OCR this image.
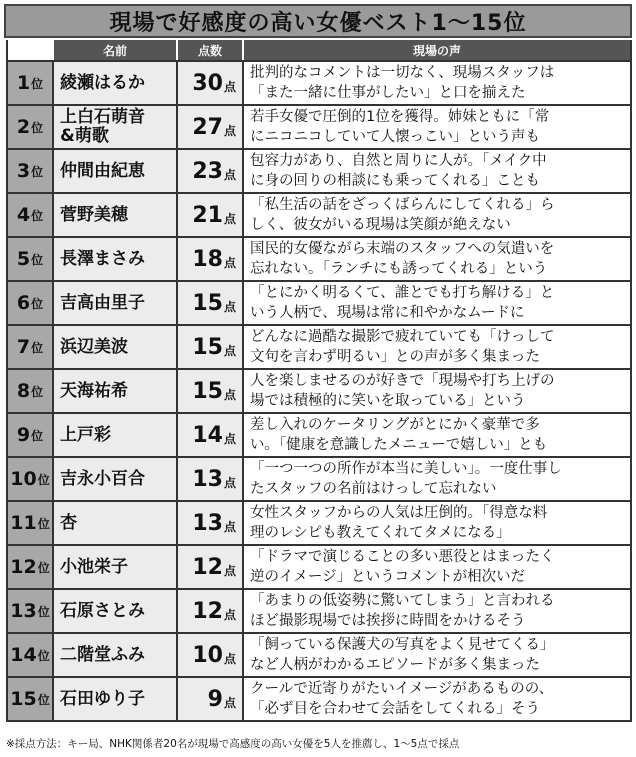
現場で好感度の高い女優ベスト1〜15位
名前	点数	現場の声
1 位 綾瀬はるか 30 点
批判的なコメントは一切なく、現場スタッフは
「また一緒に仕事がしたい」と口を揃えた
2 位
上白石萌音
&萌歌	27 点
若手女優で圧倒的1位を獲得。姉妹ともに「常
にニコニコしていて人懐っこい」という声も
3 位 仲間由紀恵 23 点
包容力があり、自然と周りに人が。「メイク中
に身の回りの相談にも乗ってくれる」ことも
4 位 菅野美穂	21 点
「私生活の話をざっくばらんにしてくれる」ら
しく、彼女がいる現場は笑顔が絶えない
5 位 長澤まさみ 18 点
国民的女優ながら末端のスタッフへの気遣いを
忘れない。「ランチにも誘ってくれる」という
6 位 吉高由里子 15 点
「とにかく明るくて、誰とでも打ち解ける」と
いう人柄で、現場は常に和やかなムードに
7 位 浜辺美波	15 点
どんなに過酷な撮影で疲れていても「けっして
文句を言わず明るい」との声が多く集まった
8 位 天海祐希	15 点
人を楽しませるのが好きで「現場や打ち上げの
場では積極的に笑いを取っている」という
9 位 上戸彩	14 点
差し入れのケータリングがとにかく豪華で多
い。「健康を意識したメニューで嬉しい」とも
10 位 吉永小百合 13 点
「一つ一つの所作が本当に美しい」。一度仕事し
たスタッフの名前はけっして忘れない
11 位 杏	13 点
女性スタッフからの人気は圧倒的。「得意な料
理のレシピも教えてくれてタメになる」
12 位 小池栄子	12 点
「ドラマで演じることの多い悪役とはまったく
逆のイメージ」というコメントが相次いだ
13 位 石原さとみ 12 点
「あまりの低姿勢に驚いてしまう」と言われる
ほど撮影現場では挨拶に時間をかけるそう
14 位 二階堂ふみ 10 点
「飼っている保護犬の写真をよく見せてくる」
など人柄がわかるエピソードが多く集まった
15 位 石田ゆり子	9 点
クールで近寄りがたいイメージがあるものの、
「必ず目を合わせて会話をしてくれる」そう
※採点方法：キー局、NHK関係者20名が現場で高感度の高い女優を5人を推薦し、1〜5点で採点
